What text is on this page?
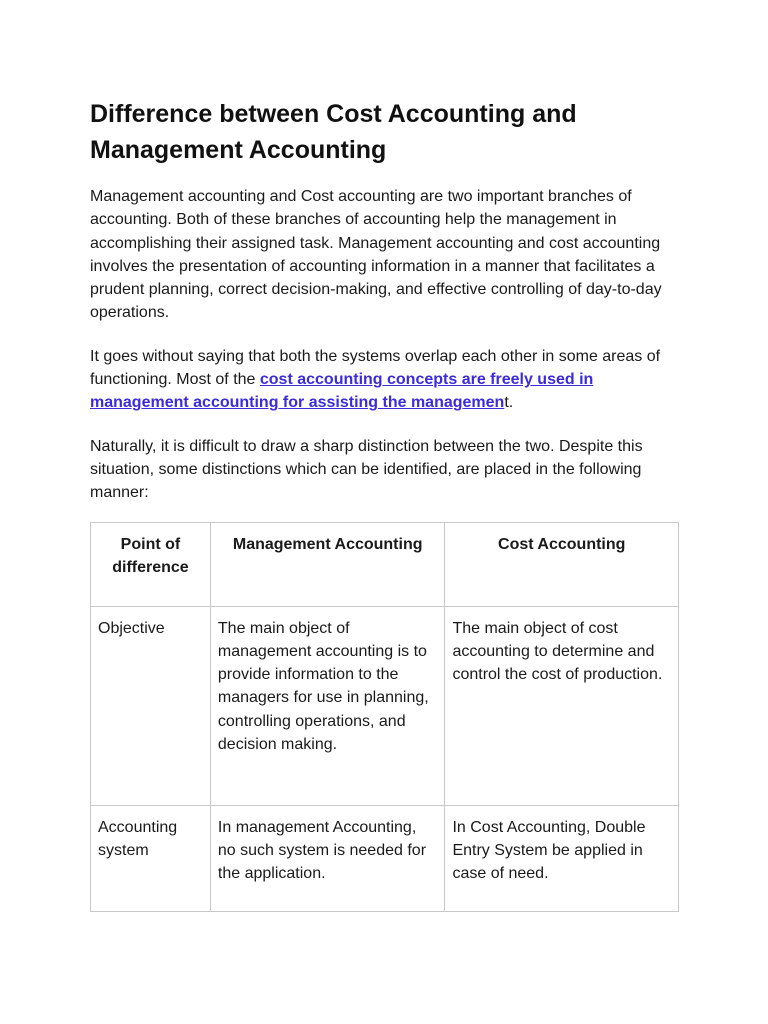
Difference between Cost Accounting and Management Accounting

Management accounting and Cost accounting are two important branches of accounting. Both of these branches of accounting help the management in accomplishing their assigned task. Management accounting and cost accounting involves the presentation of accounting information in a manner that facilitates a prudent planning, correct decision-making, and effective controlling of day-to-day operations.

It goes without saying that both the systems overlap each other in some areas of functioning. Most of the cost accounting concepts are freely used in management accounting for assisting the management.

Naturally, it is difficult to draw a sharp distinction between the two. Despite this situation, some distinctions which can be identified, are placed in the following manner:

Point of difference	Management Accounting	Cost Accounting
Objective	The main object of management accounting is to provide information to the managers for use in planning, controlling operations, and decision making.	The main object of cost accounting to determine and control the cost of production.
Accounting system	In management Accounting, no such system is needed for the application.	In Cost Accounting, Double Entry System be applied in case of need.
